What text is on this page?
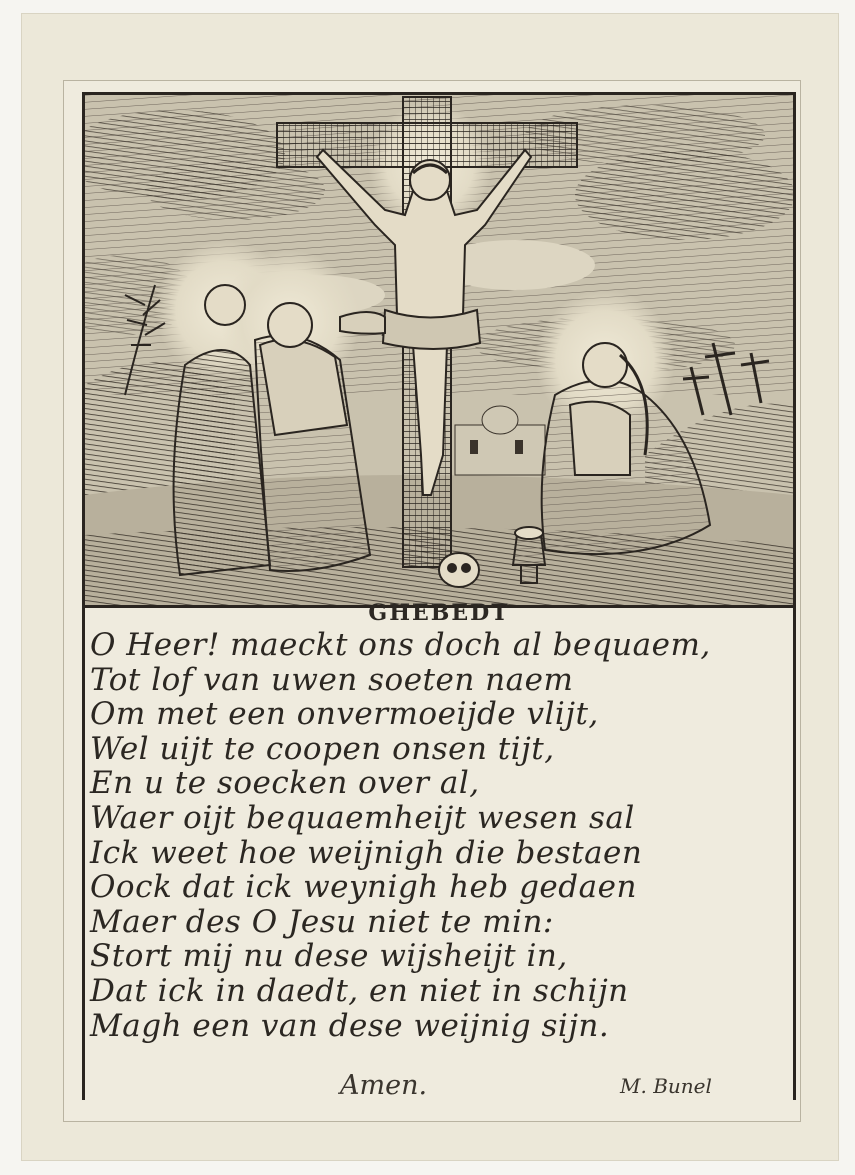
GHEBEDT
O Heer! maeckt ons doch al bequaem,
Tot lof van uwen soeten naem
Om met een onvermoeijde vlijt,
Wel uijt te coopen onsen tijt,
En u te soecken over al,
Waer oijt bequaemheijt wesen sal
Ick weet hoe weijnigh die bestaen
Oock dat ick weynigh heb gedaen
Maer des O Jesu niet te min:
Stort mij nu dese wijsheijt in,
Dat ick in daedt, en niet in schijn
Magh een van dese weijnig sijn.
Amen.	M. Bunel
